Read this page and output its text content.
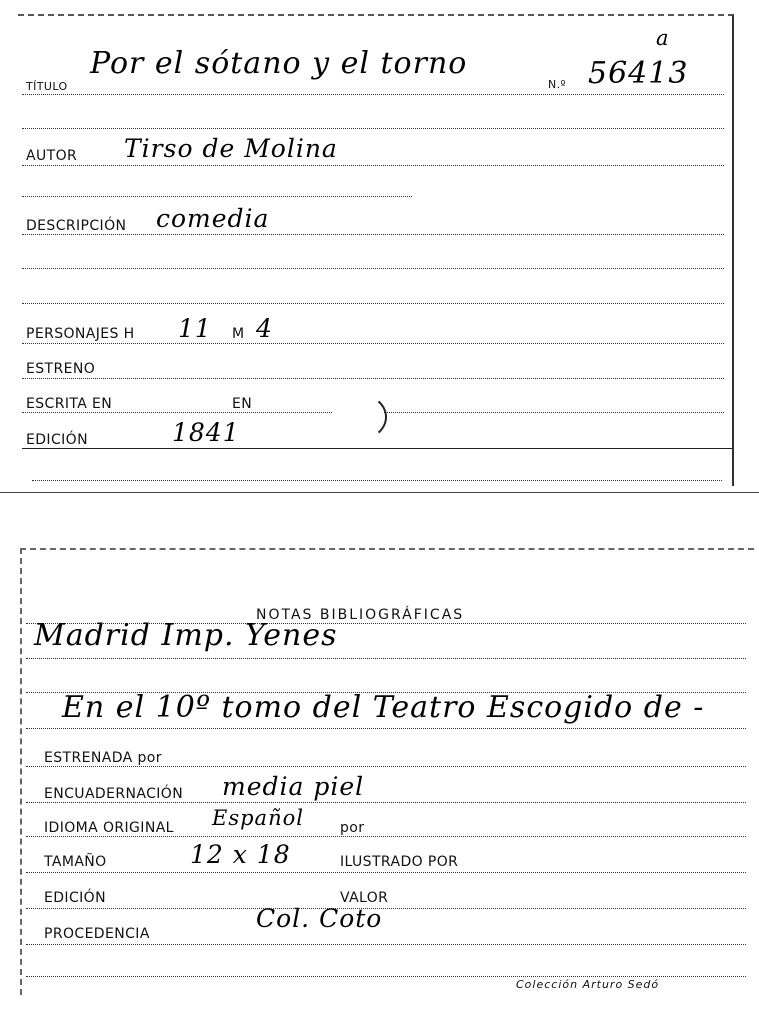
TÍTULO
Por el sótano y el torno
N.º 56413
a
AUTOR Tirso de Molina
DESCRIPCIÓN comedia
PERSONAJES H 11 M 4
ESTRENO
ESCRITA EN	EN
EDICIÓN	1841
NOTAS BIBLIOGRÁFICAS
Madrid Imp. Yenes
En el 10º tomo del Teatro Escogido de -
ESTRENADA por
ENCUADERNACIÓN media piel
IDIOMA ORIGINAL Español	por
TAMAÑO	12 x 18	ILUSTRADO POR
EDICIÓN	VALOR
PROCEDENCIA
Col. Coto
Colección Arturo Sedó
